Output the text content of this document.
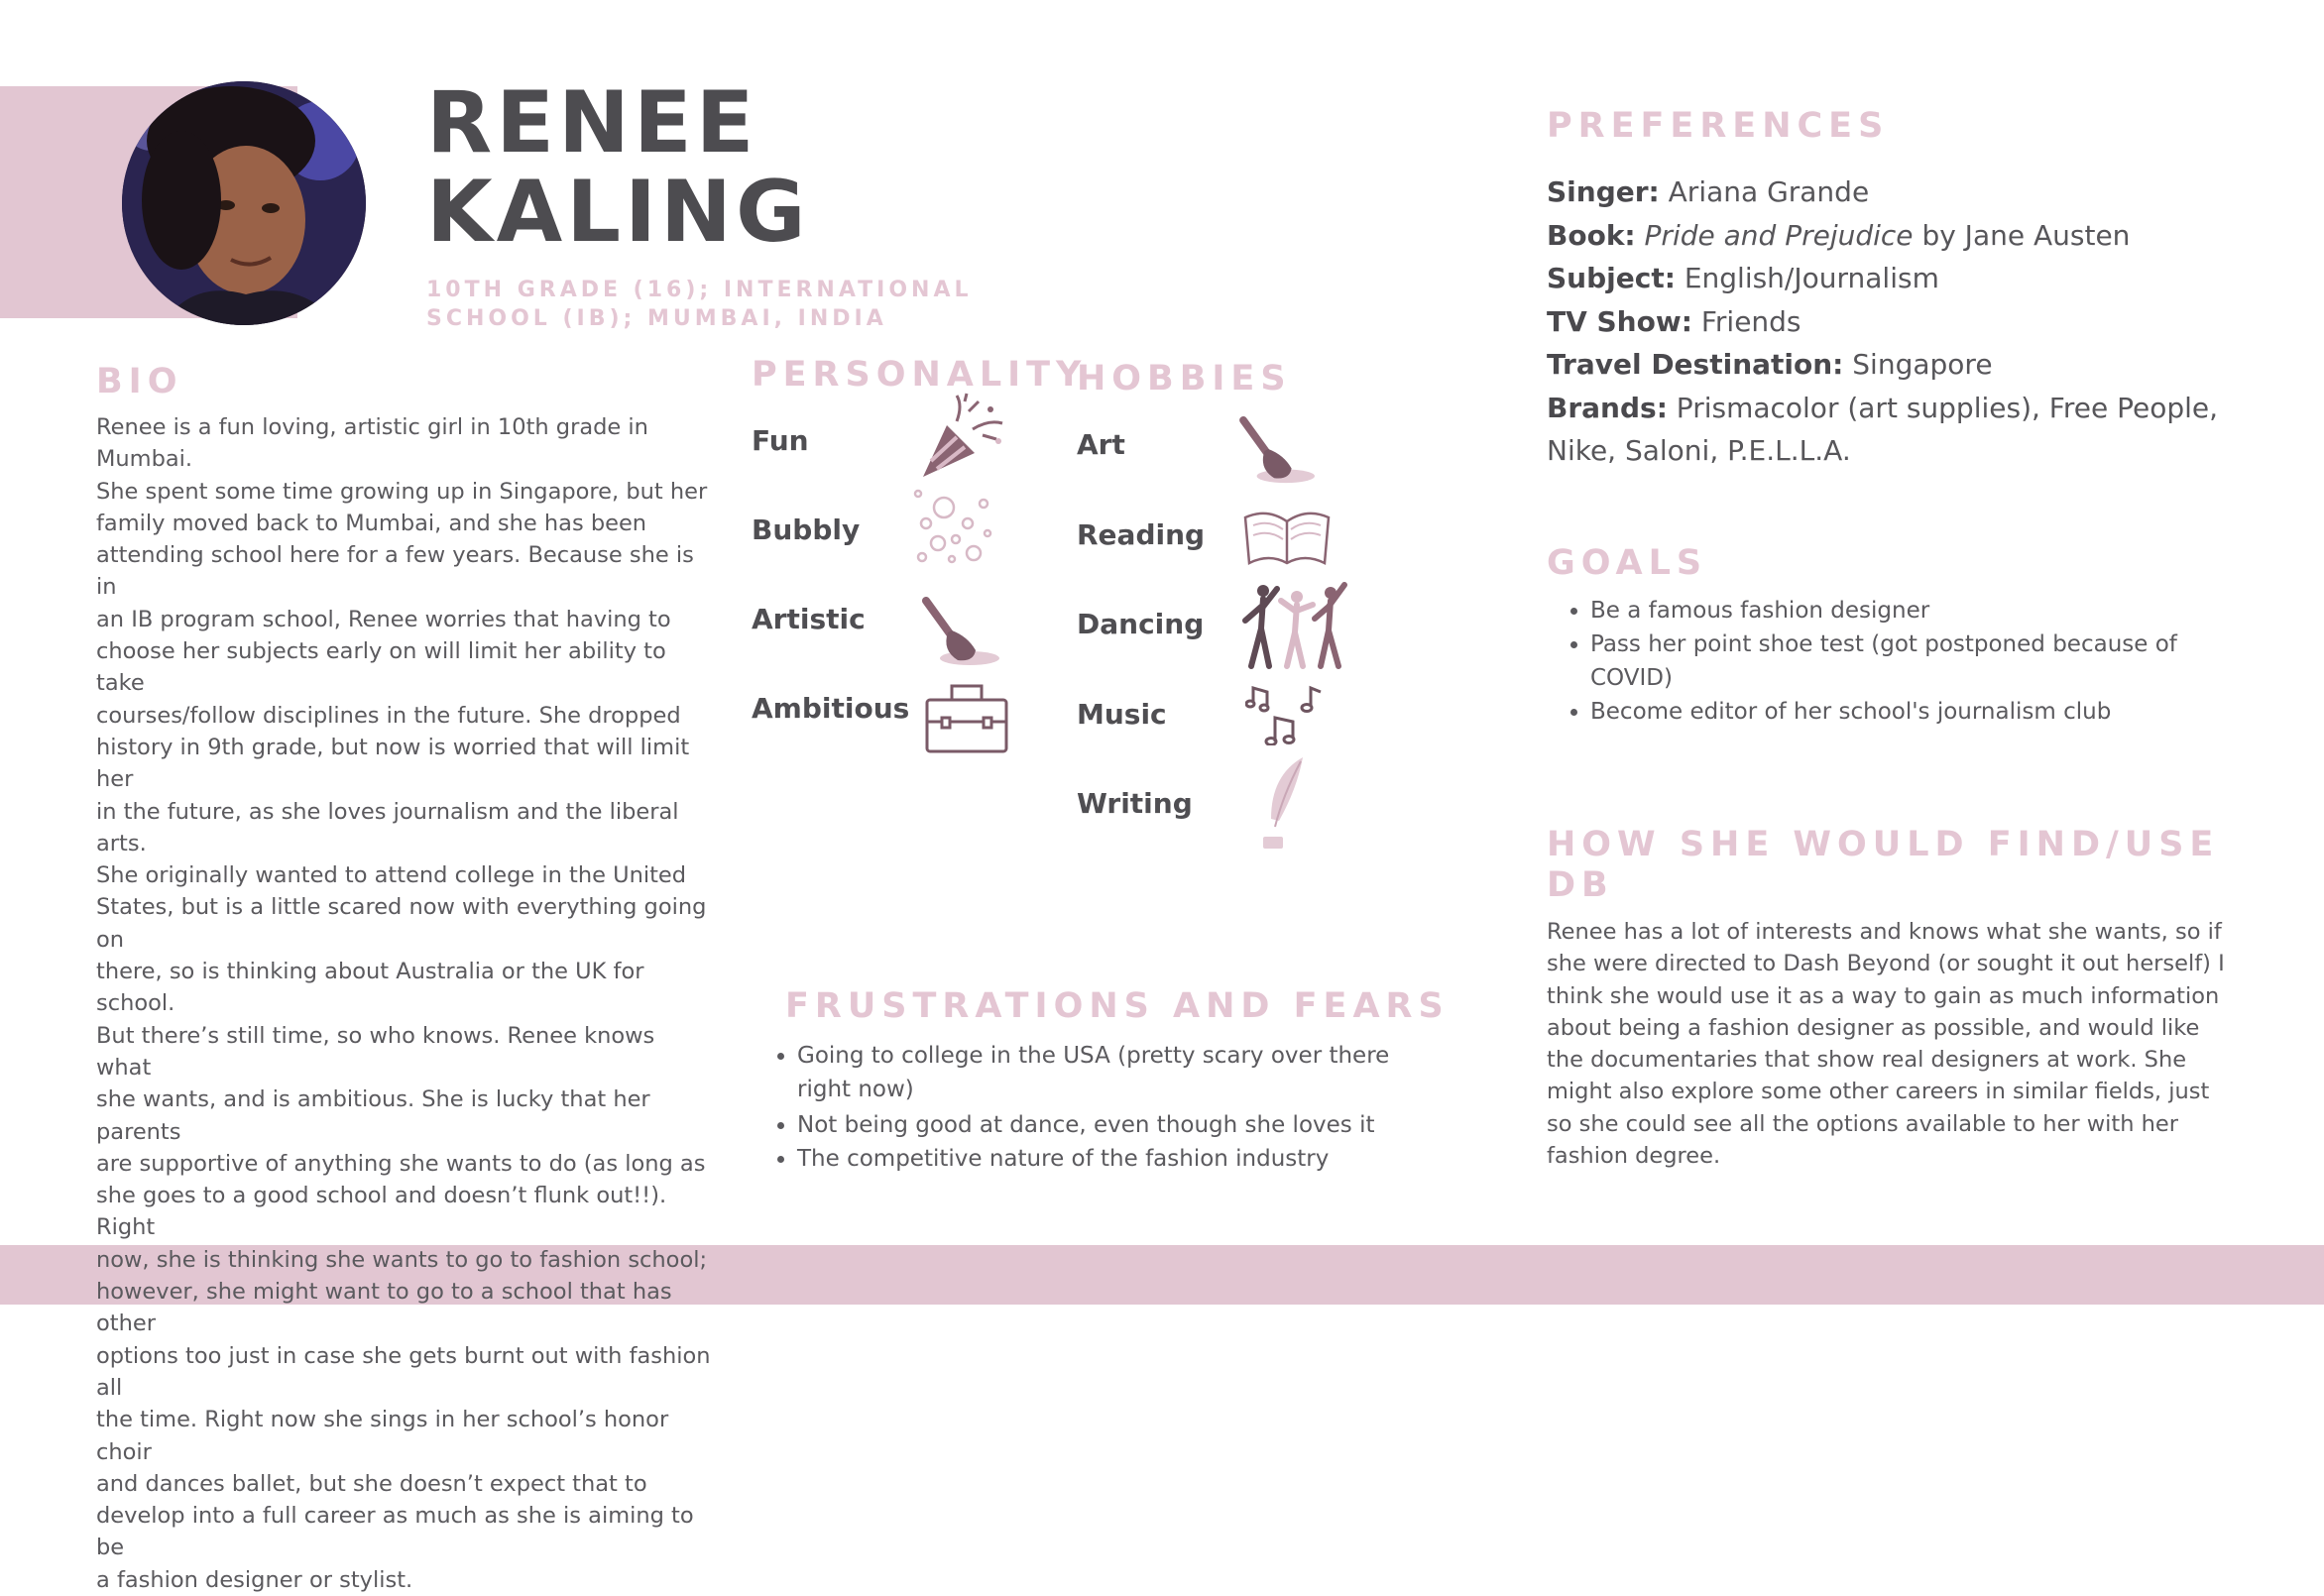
RENEE
KALING
10TH GRADE (16); INTERNATIONAL
SCHOOL (IB); MUMBAI, INDIA
BIO
Renee is a fun loving, artistic girl in 10th grade in Mumbai.
She spent some time growing up in Singapore, but her
family moved back to Mumbai, and she has been
attending school here for a few years. Because she is in
an IB program school, Renee worries that having to
choose her subjects early on will limit her ability to take
courses/follow disciplines in the future. She dropped
history in 9th grade, but now is worried that will limit her
in the future, as she loves journalism and the liberal arts.
She originally wanted to attend college in the United
States, but is a little scared now with everything going on
there, so is thinking about Australia or the UK for school.
But there’s still time, so who knows. Renee knows what
she wants, and is ambitious. She is lucky that her parents
are supportive of anything she wants to do (as long as
she goes to a good school and doesn’t flunk out!!). Right
now, she is thinking she wants to go to fashion school;
however, she might want to go to a school that has other
options too just in case she gets burnt out with fashion all
the time. Right now she sings in her school’s honor choir
and dances ballet, but she doesn’t expect that to
develop into a full career as much as she is aiming to be
a fashion designer or stylist.
PERSONALITY
Fun
Bubbly
Artistic
Ambitious
HOBBIES
Art
Reading
Dancing
Music
Writing
FRUSTRATIONS AND FEARS
• Going to college in the USA (pretty scary over there right now)
• Not being good at dance, even though she loves it
• The competitive nature of the fashion industry
PREFERENCES
Singer: Ariana Grande
Book: Pride and Prejudice by Jane Austen
Subject: English/Journalism
TV Show: Friends
Travel Destination: Singapore
Brands: Prismacolor (art supplies), Free People,
Nike, Saloni, P.E.L.L.A.
GOALS
• Be a famous fashion designer
• Pass her point shoe test (got postponed because of COVID)
• Become editor of her school's journalism club
HOW SHE WOULD FIND/USE
DB
Renee has a lot of interests and knows what she wants, so if
she were directed to Dash Beyond (or sought it out herself) I
think she would use it as a way to gain as much information
about being a fashion designer as possible, and would like
the documentaries that show real designers at work. She
might also explore some other careers in similar fields, just
so she could see all the options available to her with her
fashion degree.
